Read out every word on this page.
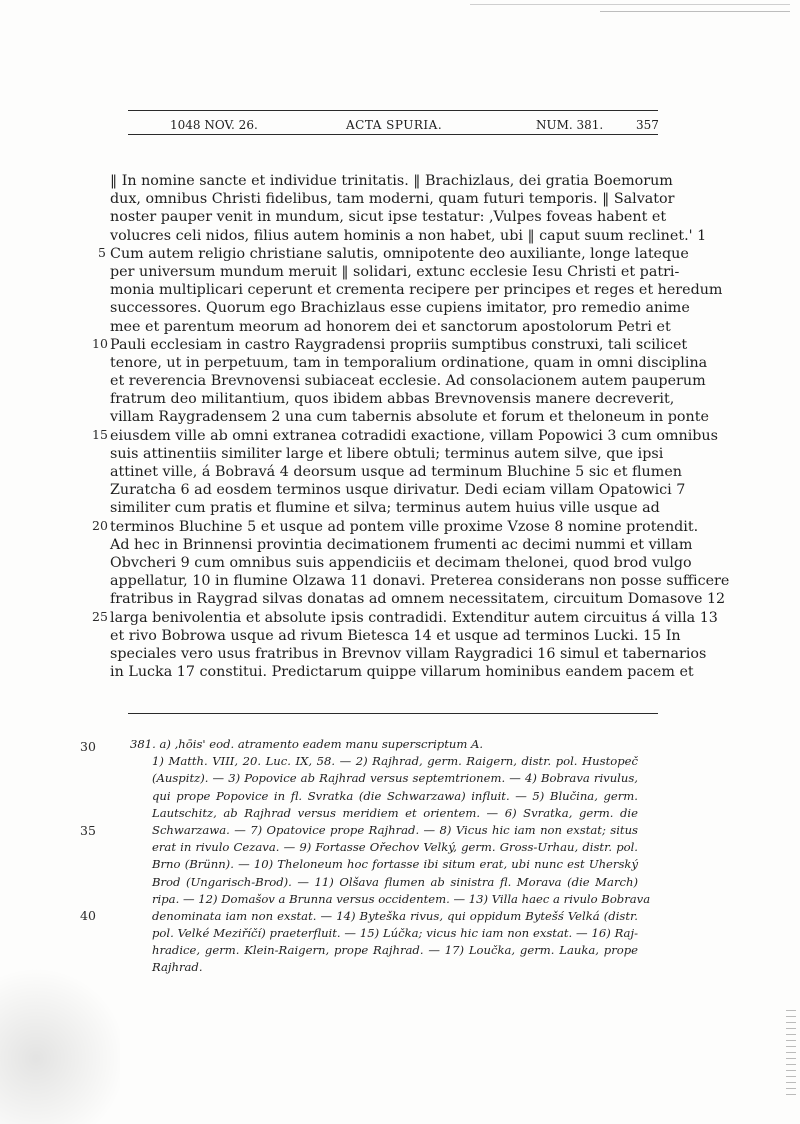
1048 NOV. 26.	ACTA SPURIA.	NUM. 381.	357
‖ In nomine sancte et individue trinitatis. ‖ Brachizlaus, dei gratia Boemorum
dux, omnibus Christi fidelibus, tam moderni, quam futuri temporis. ‖ Salvator
noster pauper venit in mundum, sicut ipse testatur: ,Vulpes foveas habent et
volucres celi nidos, filius autem hominis a non habet, ubi ‖ caput suum reclinet.' 1
Cum autem religio christiane salutis, omnipotente deo auxiliante, longe lateque
per universum mundum meruit ‖ solidari, extunc ecclesie Iesu Christi et patri-
monia multiplicari ceperunt et crementa recipere per principes et reges et heredum
successores. Quorum ego Brachizlaus esse cupiens imitator, pro remedio anime
mee et parentum meorum ad honorem dei et sanctorum apostolorum Petri et
Pauli ecclesiam in castro Raygradensi propriis sumptibus construxi, tali scilicet
tenore, ut in perpetuum, tam in temporalium ordinatione, quam in omni disciplina
et reverencia Brevnovensi subiaceat ecclesie. Ad consolacionem autem pauperum
fratrum deo militantium, quos ibidem abbas Brevnovensis manere decreverit,
villam Raygradensem 2 una cum tabernis absolute et forum et theloneum in ponte
eiusdem ville ab omni extranea cotradidi exactione, villam Popowici 3 cum omnibus
suis attinentiis similiter large et libere obtuli; terminus autem silve, que ipsi
attinet ville, á Bobravá 4 deorsum usque ad terminum Bluchine 5 sic et flumen
Zuratcha 6 ad eosdem terminos usque dirivatur. Dedi eciam villam Opatowici 7
similiter cum pratis et flumine et silva; terminus autem huius ville usque ad
terminos Bluchine 5 et usque ad pontem ville proxime Vzose 8 nomine protendit.
Ad hec in Brinnensi provintia decimationem frumenti ac decimi nummi et villam
Obvcheri 9 cum omnibus suis appendiciis et decimam thelonei, quod brod vulgo
appellatur, 10 in flumine Olzawa 11 donavi. Preterea considerans non posse sufficere
fratribus in Raygrad silvas donatas ad omnem necessitatem, circuitum Domasove 12
larga benivolentia et absolute ipsis contradidi. Extenditur autem circuitus á villa 13
et rivo Bobrowa usque ad rivum Bietesca 14 et usque ad terminos Lucki. 15 In
speciales vero usus fratribus in Brevnov villam Raygradici 16 simul et tabernarios
in Lucka 17 constitui. Predictarum quippe villarum hominibus eandem pacem et
5
10
15
20
25
30
35
40
381. a) ,hōis' eod. atramento eadem manu superscriptum A.
1) Matth. VIII, 20. Luc. IX, 58. — 2) Rajhrad, germ. Raigern, distr. pol. Hustopeč
(Auspitz). — 3) Popovice ab Rajhrad versus septemtrionem. — 4) Bobrava rivulus,
qui prope Popovice in fl. Svratka (die Schwarzawa) influit. — 5) Blučina, germ.
Lautschitz, ab Rajhrad versus meridiem et orientem. — 6) Svratka, germ. die
Schwarzawa. — 7) Opatovice prope Rajhrad. — 8) Vicus hic iam non exstat; situs
erat in rivulo Cezava. — 9) Fortasse Ořechov Velký, germ. Gross-Urhau, distr. pol.
Brno (Brünn). — 10) Theloneum hoc fortasse ibi situm erat, ubi nunc est Uherský
Brod (Ungarisch-Brod). — 11) Olšava flumen ab sinistra fl. Morava (die March)
ripa. — 12) Domašov a Brunna versus occidentem. — 13) Villa haec a rivulo Bobrava
denominata iam non exstat. — 14) Byteška rivus, qui oppidum Bytešś Velká (distr.
pol. Velké Meziříčí) praeterfluit. — 15) Lúčka; vicus hic iam non exstat. — 16) Raj-
hradice, germ. Klein-Raigern, prope Rajhrad. — 17) Loučka, germ. Lauka, prope
Rajhrad.
